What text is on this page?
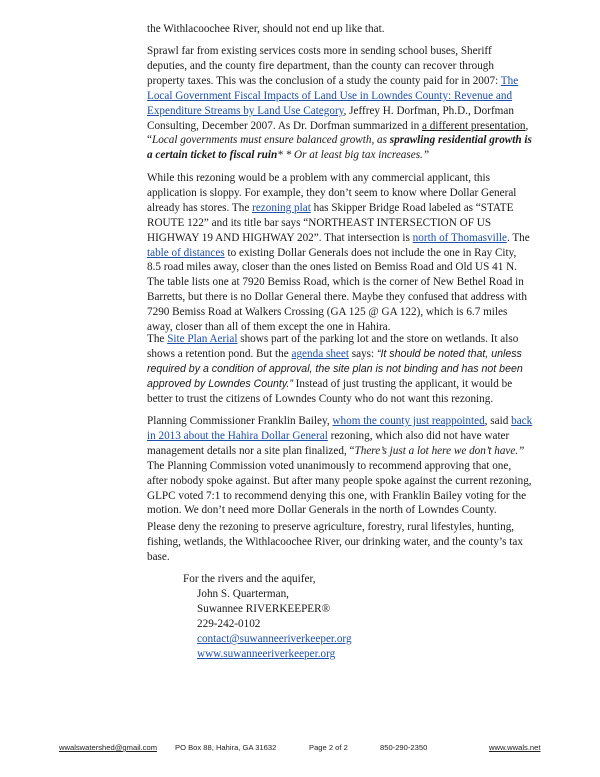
the Withlacoochee River, should not end up like that.

Sprawl far from existing services costs more in sending school buses, Sheriff deputies, and the county fire department, than the county can recover through property taxes. This was the conclusion of a study the county paid for in 2007: The Local Government Fiscal Impacts of Land Use in Lowndes County: Revenue and Expenditure Streams by Land Use Category, Jeffrey H. Dorfman, Ph.D., Dorfman Consulting, December 2007. As Dr. Dorfman summarized in a different presentation, “Local governments must ensure balanced growth, as sprawling residential growth is a certain ticket to fiscal ruin* * Or at least big tax increases.”

While this rezoning would be a problem with any commercial applicant, this application is sloppy. For example, they don’t seem to know where Dollar General already has stores. The rezoning plat has Skipper Bridge Road labeled as “STATE ROUTE 122” and its title bar says “NORTHEAST INTERSECTION OF US HIGHWAY 19 AND HIGHWAY 202”. That intersection is north of Thomasville. The table of distances to existing Dollar Generals does not include the one in Ray City, 8.5 road miles away, closer than the ones listed on Bemiss Road and Old US 41 N. The table lists one at 7920 Bemiss Road, which is the corner of New Bethel Road in Barretts, but there is no Dollar General there. Maybe they confused that address with 7290 Bemiss Road at Walkers Crossing (GA 125 @ GA 122), which is 6.7 miles away, closer than all of them except the one in Hahira.

The Site Plan Aerial shows part of the parking lot and the store on wetlands. It also shows a retention pond. But the agenda sheet says: “It should be noted that, unless required by a condition of approval, the site plan is not binding and has not been approved by Lowndes County.” Instead of just trusting the applicant, it would be better to trust the citizens of Lowndes County who do not want this rezoning.

Planning Commissioner Franklin Bailey, whom the county just reappointed, said back in 2013 about the Hahira Dollar General rezoning, which also did not have water management details nor a site plan finalized, “There’s just a lot here we don’t have.” The Planning Commission voted unanimously to recommend approving that one, after nobody spoke against. But after many people spoke against the current rezoning, GLPC voted 7:1 to recommend denying this one, with Franklin Bailey voting for the motion. We don’t need more Dollar Generals in the north of Lowndes County.

Please deny the rezoning to preserve agriculture, forestry, rural lifestyles, hunting, fishing, wetlands, the Withlacoochee River, our drinking water, and the county’s tax base.

For the rivers and the aquifer,
John S. Quarterman,
Suwannee RIVERKEEPER®
229-242-0102
contact@suwanneeriverkeeper.org
www.suwanneeriverkeeper.org
wwalswatershed@gmail.com PO Box 88, Hahira, GA 31632	Page 2 of 2	850-290-2350	www.wwals.net
